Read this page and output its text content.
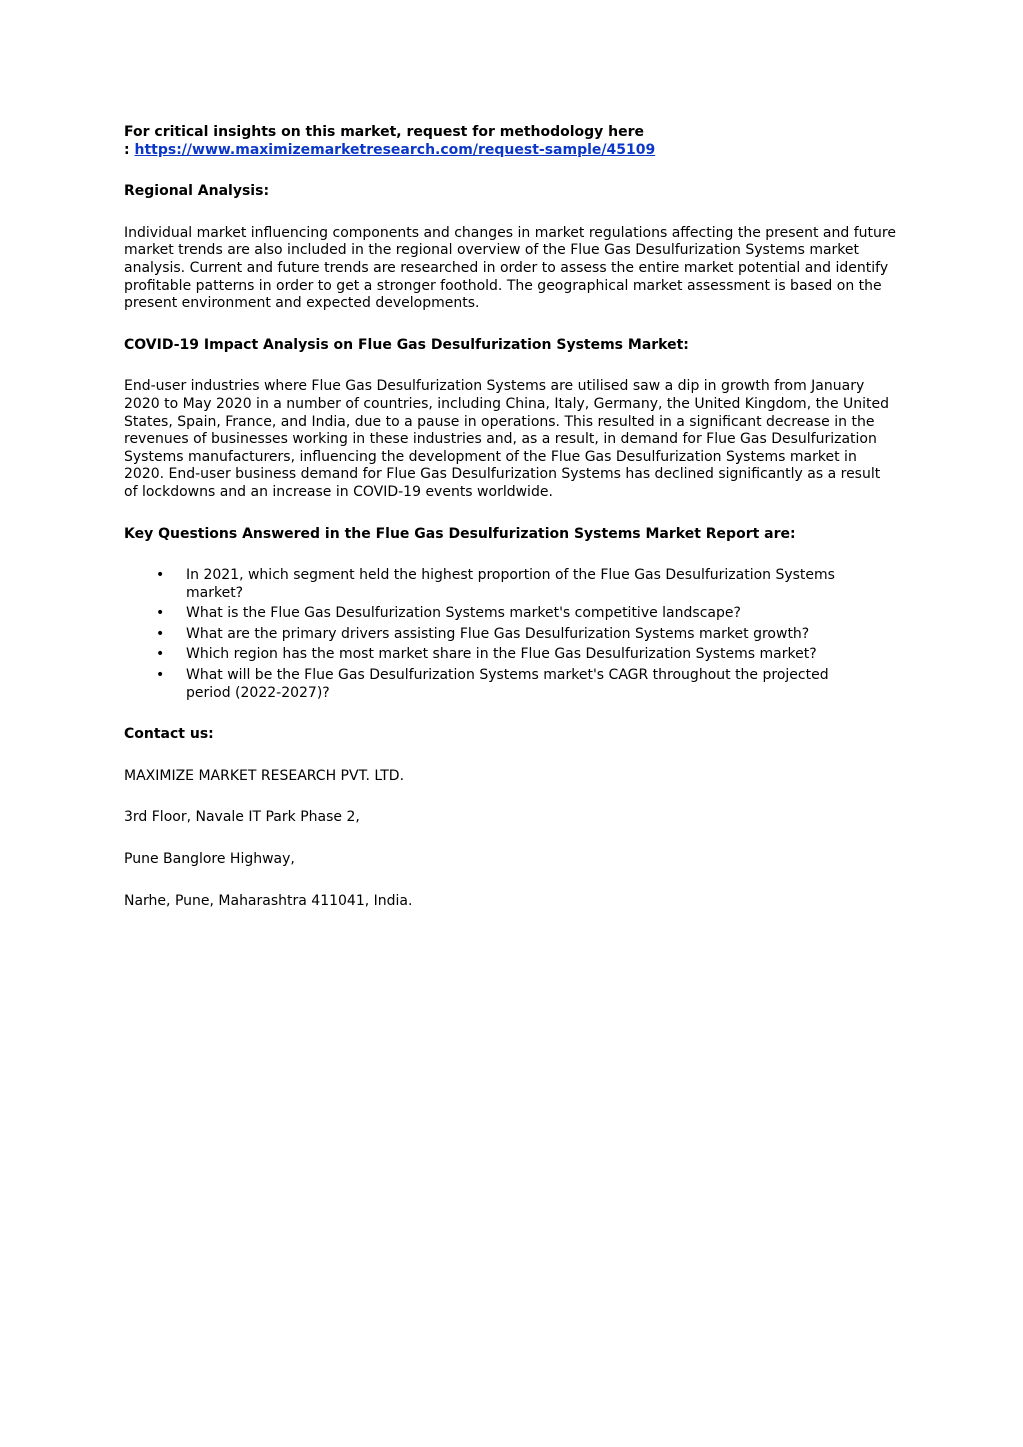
For critical insights on this market, request for methodology here
: https://www.maximizemarketresearch.com/request-sample/45109

Regional Analysis:

Individual market influencing components and changes in market regulations affecting the present and future market trends are also included in the regional overview of the Flue Gas Desulfurization Systems market analysis. Current and future trends are researched in order to assess the entire market potential and identify profitable patterns in order to get a stronger foothold. The geographical market assessment is based on the present environment and expected developments.

COVID-19 Impact Analysis on Flue Gas Desulfurization Systems Market:

End-user industries where Flue Gas Desulfurization Systems are utilised saw a dip in growth from January 2020 to May 2020 in a number of countries, including China, Italy, Germany, the United Kingdom, the United States, Spain, France, and India, due to a pause in operations. This resulted in a significant decrease in the revenues of businesses working in these industries and, as a result, in demand for Flue Gas Desulfurization Systems manufacturers, influencing the development of the Flue Gas Desulfurization Systems market in 2020. End-user business demand for Flue Gas Desulfurization Systems has declined significantly as a result of lockdowns and an increase in COVID-19 events worldwide.

Key Questions Answered in the Flue Gas Desulfurization Systems Market Report are:

• In 2021, which segment held the highest proportion of the Flue Gas Desulfurization Systems market?
• What is the Flue Gas Desulfurization Systems market's competitive landscape?
• What are the primary drivers assisting Flue Gas Desulfurization Systems market growth?
• Which region has the most market share in the Flue Gas Desulfurization Systems market?
• What will be the Flue Gas Desulfurization Systems market's CAGR throughout the projected period (2022-2027)?

Contact us:

MAXIMIZE MARKET RESEARCH PVT. LTD.

3rd Floor, Navale IT Park Phase 2,

Pune Banglore Highway,

Narhe, Pune, Maharashtra 411041, India.
